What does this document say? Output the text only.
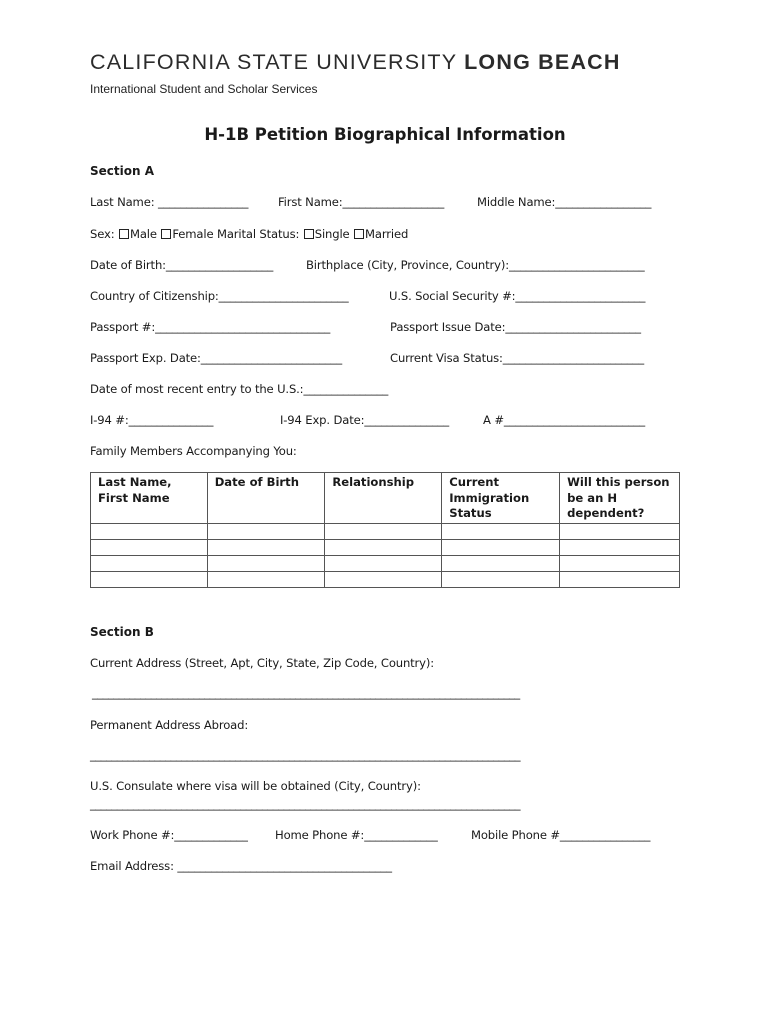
CALIFORNIA STATE UNIVERSITY LONG BEACH
International Student and Scholar Services
H-1B Petition Biographical Information
Section A
Last Name: ________________	First Name:__________________	Middle Name:_________________
Sex: Male Female Marital Status: Single Married
Date of Birth:___________________	Birthplace (City, Province, Country):________________________
Country of Citizenship:_______________________	U.S. Social Security #:_______________________
Passport #:_______________________________	Passport Issue Date:________________________
Passport Exp. Date:_________________________	Current Visa Status:_________________________
Date of most recent entry to the U.S.:_______________
I-94 #:_______________	I-94 Exp. Date:_______________	A #_________________________
Family Members Accompanying You:
Last Name, First Name	Date of Birth	Relationship	Current Immigration Status	Will this person be an H dependent?

Section B
Current Address (Street, Apt, City, State, Zip Code, Country):
________________________________________________________________________________
Permanent Address Abroad:
________________________________________________________________________________
U.S. Consulate where visa will be obtained (City, Country):
________________________________________________________________________________
Work Phone #:_____________ Home Phone #:_____________	Mobile Phone #________________
Email Address: ______________________________________
